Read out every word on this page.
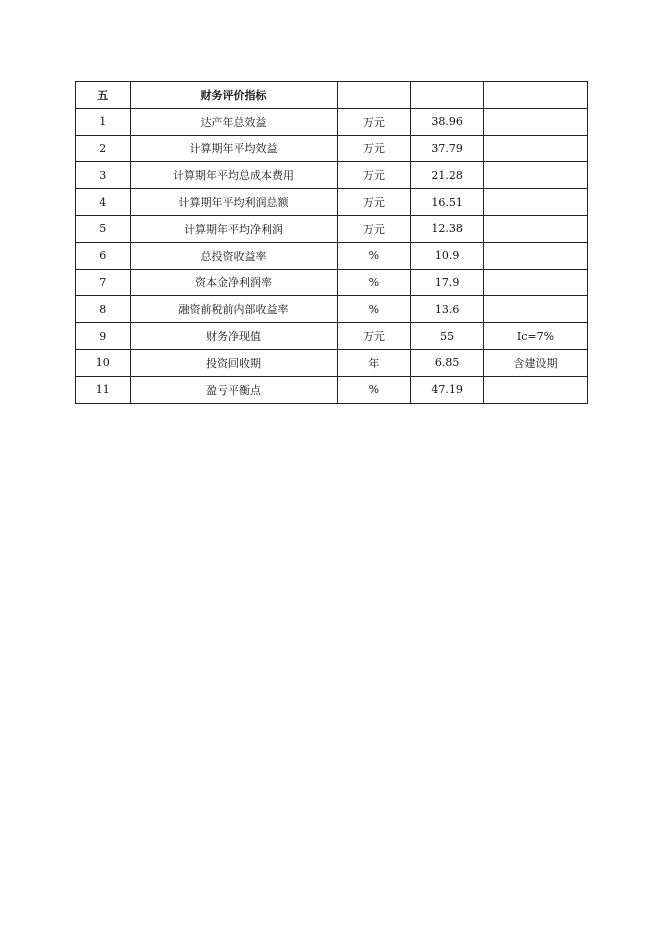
五	财务评价指标			
1	达产年总效益	万元	38.96	
2	计算期年平均效益	万元	37.79	
3	计算期年平均总成本费用	万元	21.28	
4	计算期年平均利润总额	万元	16.51	
5	计算期年平均净利润	万元	12.38	
6	总投资收益率	%	10.9	
7	资本金净利润率	%	17.9	
8	融资前税前内部收益率	%	13.6	
9	财务净现值	万元	55	Ic=7%
10	投资回收期	年	6.85	含建设期
11	盈亏平衡点	%	47.19	
